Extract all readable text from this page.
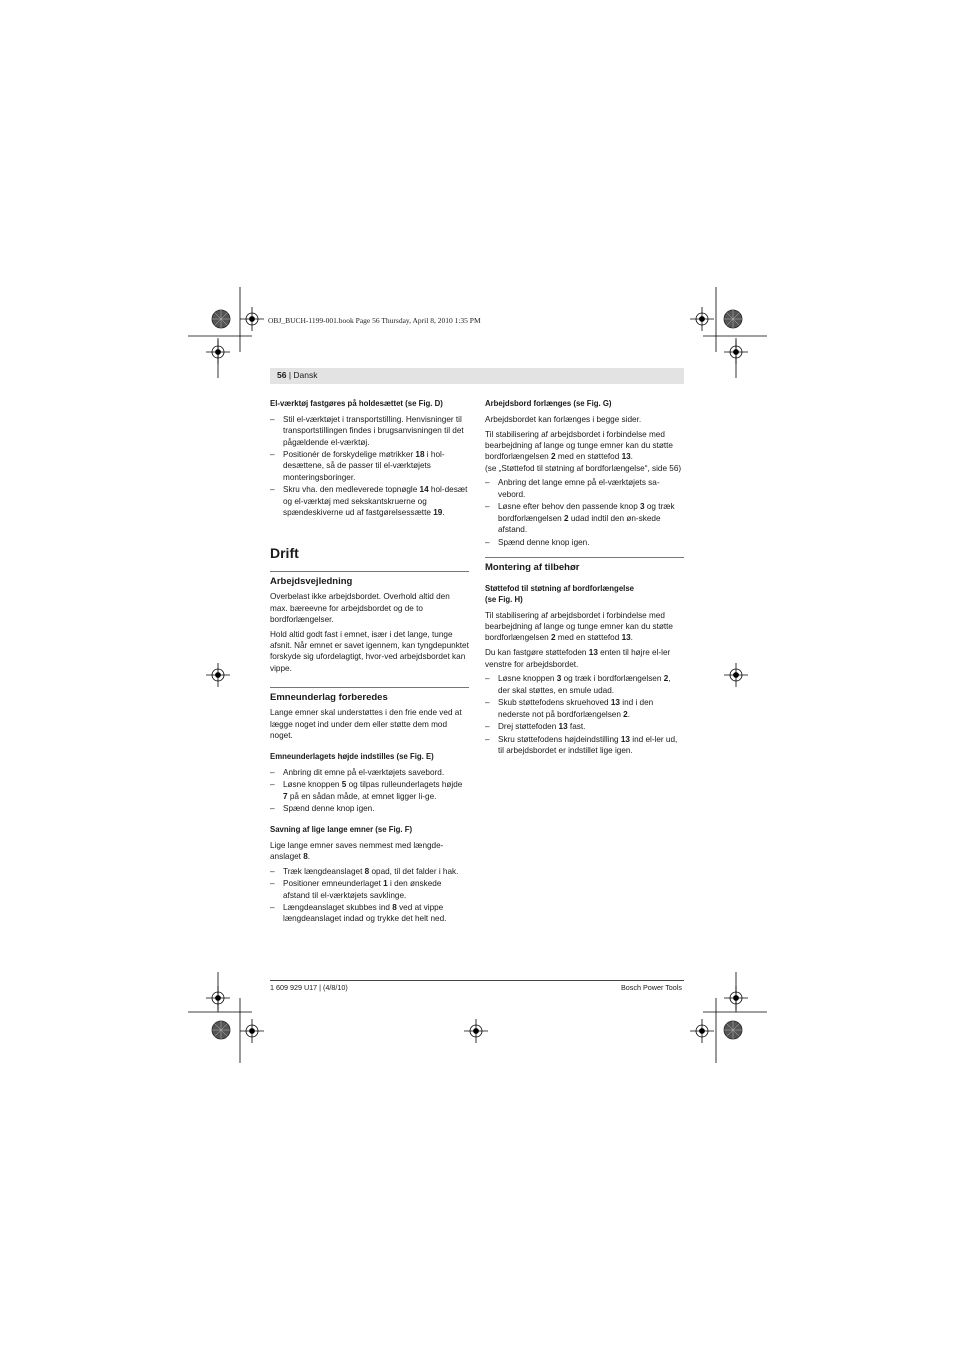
OBJ_BUCH-1199-001.book Page 56 Thursday, April 8, 2010 1:35 PM
56 | Dansk
El-værktøj fastgøres på holdesættet (se Fig. D)
– Stil el-værktøjet i transportstilling. Henvisninger til transportstillingen findes i brugsanvisningen til det pågældende el-værktøj.
– Positionér de forskydelige møtrikker 18 i hol-desættene, så de passer til el-værktøjets monteringsboringer.
– Skru vha. den medleverede topnøgle 14 hol-desæt og el-værktøj med sekskantskruerne og spændeskiverne ud af fastgørelsessætte 19.
Drift
Arbejdsvejledning

Overbelast ikke arbejdsbordet. Overhold altid den max. bæreevne for arbejdsbordet og de to bordforlængelser.

Hold altid godt fast i emnet, især i det lange, tunge afsnit. Når emnet er savet igennem, kan tyngdepunktet forskyde sig ufordelagtigt, hvor-ved arbejdsbordet kan vippe.

Emneunderlag forberedes

Lange emner skal understøttes i den frie ende ved at lægge noget ind under dem eller støtte dem mod noget.

Emneunderlagets højde indstilles (se Fig. E)
– Anbring dit emne på el-værktøjets savebord.
– Løsne knoppen 5 og tilpas rulleunderlagets højde 7 på en sådan måde, at emnet ligger li-ge.
– Spænd denne knop igen.
Savning af lige lange emner (se Fig. F)

Lige lange emner saves nemmest med længde-anslaget 8.

– Træk længdeanslaget 8 opad, til det falder i hak.
– Positioner emneunderlaget 1 i den ønskede afstand til el-værktøjets savklinge.
– Længdeanslaget skubbes ind 8 ved at vippe længdeanslaget indad og trykke det helt ned.
Arbejdsbord forlænges (se Fig. G)

Arbejdsbordet kan forlænges i begge sider.

Til stabilisering af arbejdsbordet i forbindelse med bearbejdning af lange og tunge emner kan du støtte bordforlængelsen 2 med en støttefod 13.

(se „Støttefod til støtning af bordforlængelse“, side 56)

– Anbring det lange emne på el-værktøjets sa-vebord.
– Løsne efter behov den passende knop 3 og træk bordforlængelsen 2 udad indtil den øn-skede afstand.
– Spænd denne knop igen.
Montering af tilbehør
Støttefod til støtning af bordforlængelse
(se Fig. H)

Til stabilisering af arbejdsbordet i forbindelse med bearbejdning af lange og tunge emner kan du støtte bordforlængelsen 2 med en støttefod 13.

Du kan fastgøre støttefoden 13 enten til højre el-ler venstre for arbejdsbordet.

– Løsne knoppen 3 og træk i bordforlængelsen 2, der skal støttes, en smule udad.
– Skub støttefodens skruehoved 13 ind i den nederste not på bordforlængelsen 2.
– Drej støttefoden 13 fast.
– Skru støttefodens højdeindstilling 13 ind el-ler ud, til arbejdsbordet er indstillet lige igen.
1 609 929 U17 | (4/8/10)	Bosch Power Tools
